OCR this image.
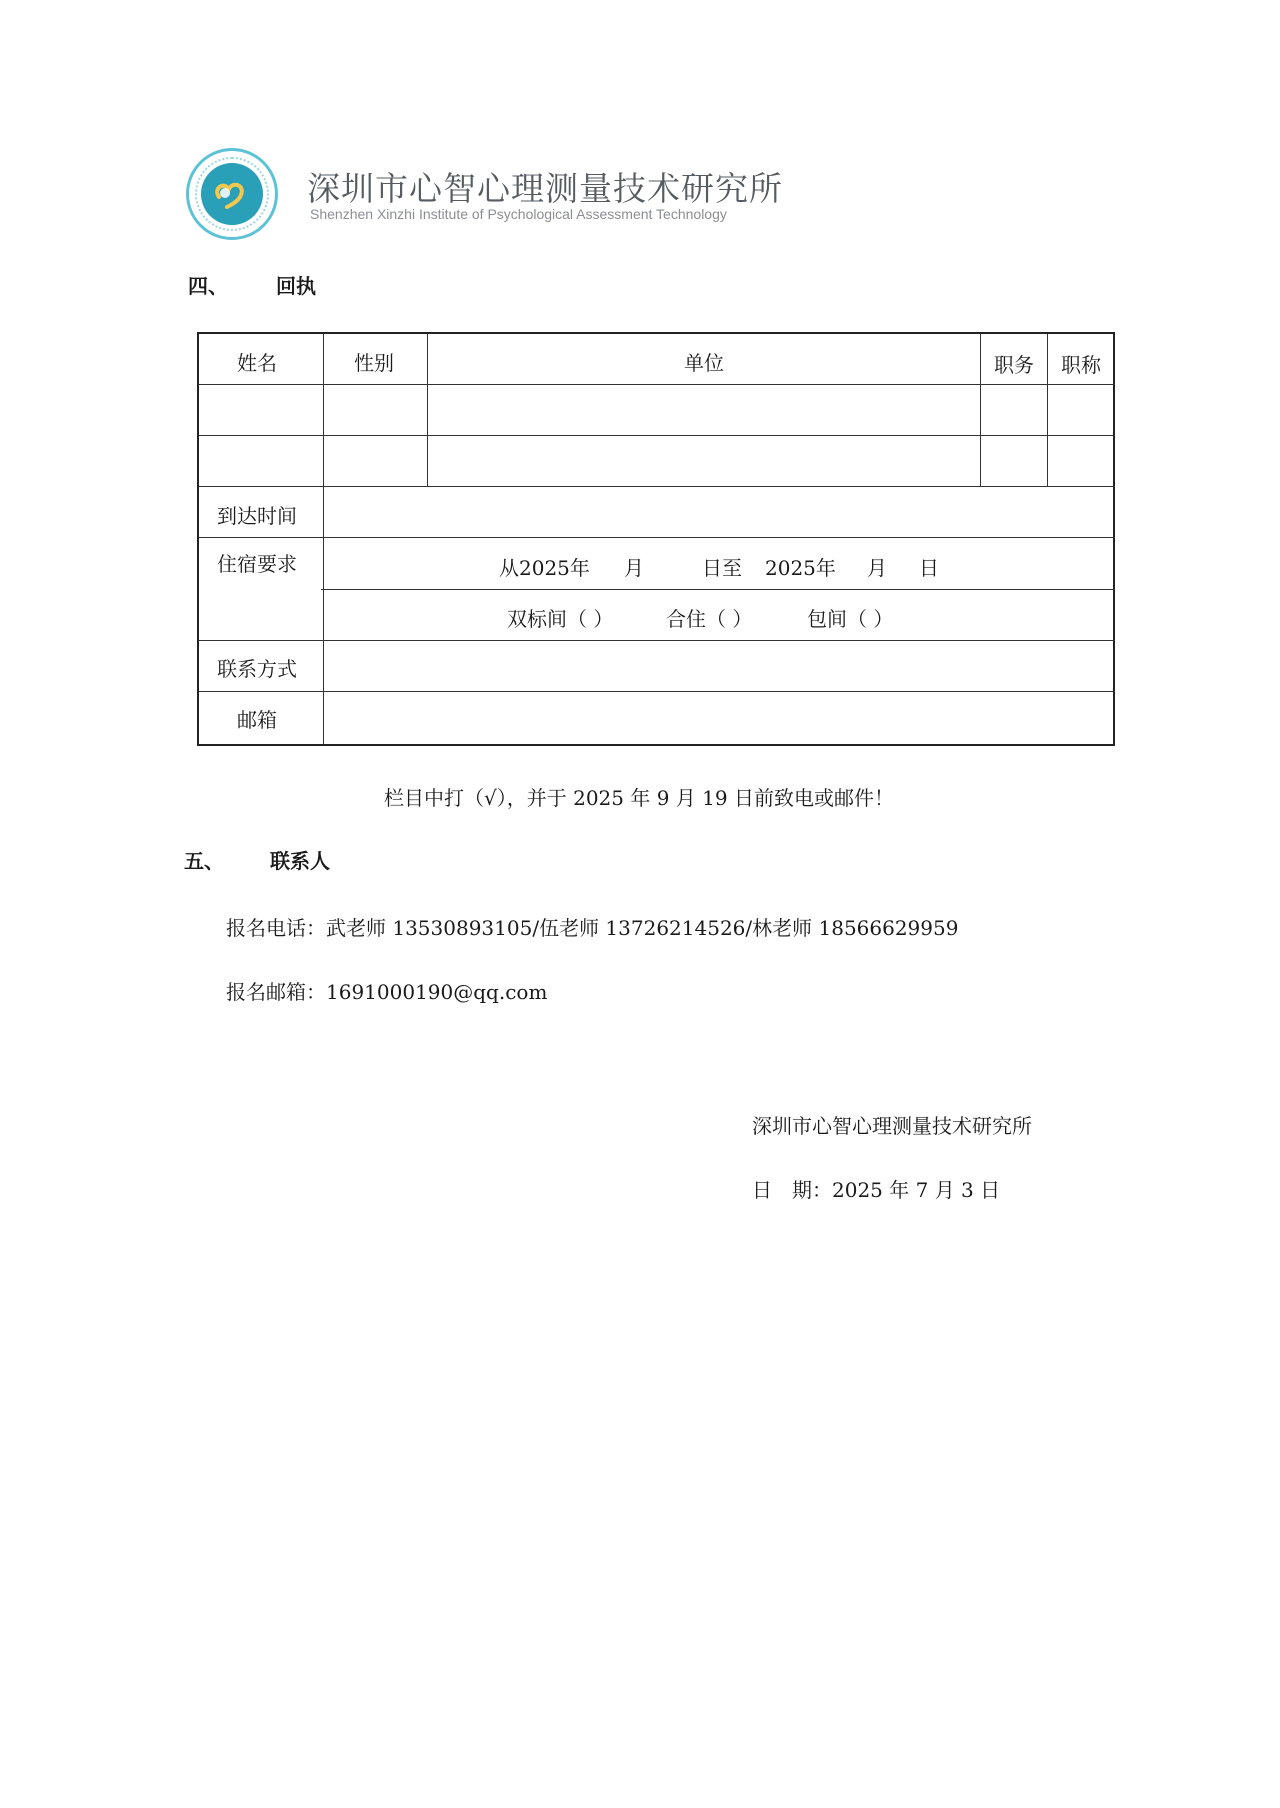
深圳市心智心理测量技术研究所
Shenzhen Xinzhi Institute of Psychological Assessment Technology
四、 回执
姓名	性别	单位	职务 职称
到达时间
住宿要求	从2025年 月	日至 2025年 月 日
双标间（ ）	合住（ ）	包间（ ）
联系方式
邮箱
栏目中打（√），并于 2025 年 9 月 19 日前致电或邮件！
五、 联系人
报名电话：武老师 13530893105/伍老师 13726214526/林老师 18566629959
报名邮箱：1691000190@qq.com
深圳市心智心理测量技术研究所
日　期：2025 年 7 月 3 日
